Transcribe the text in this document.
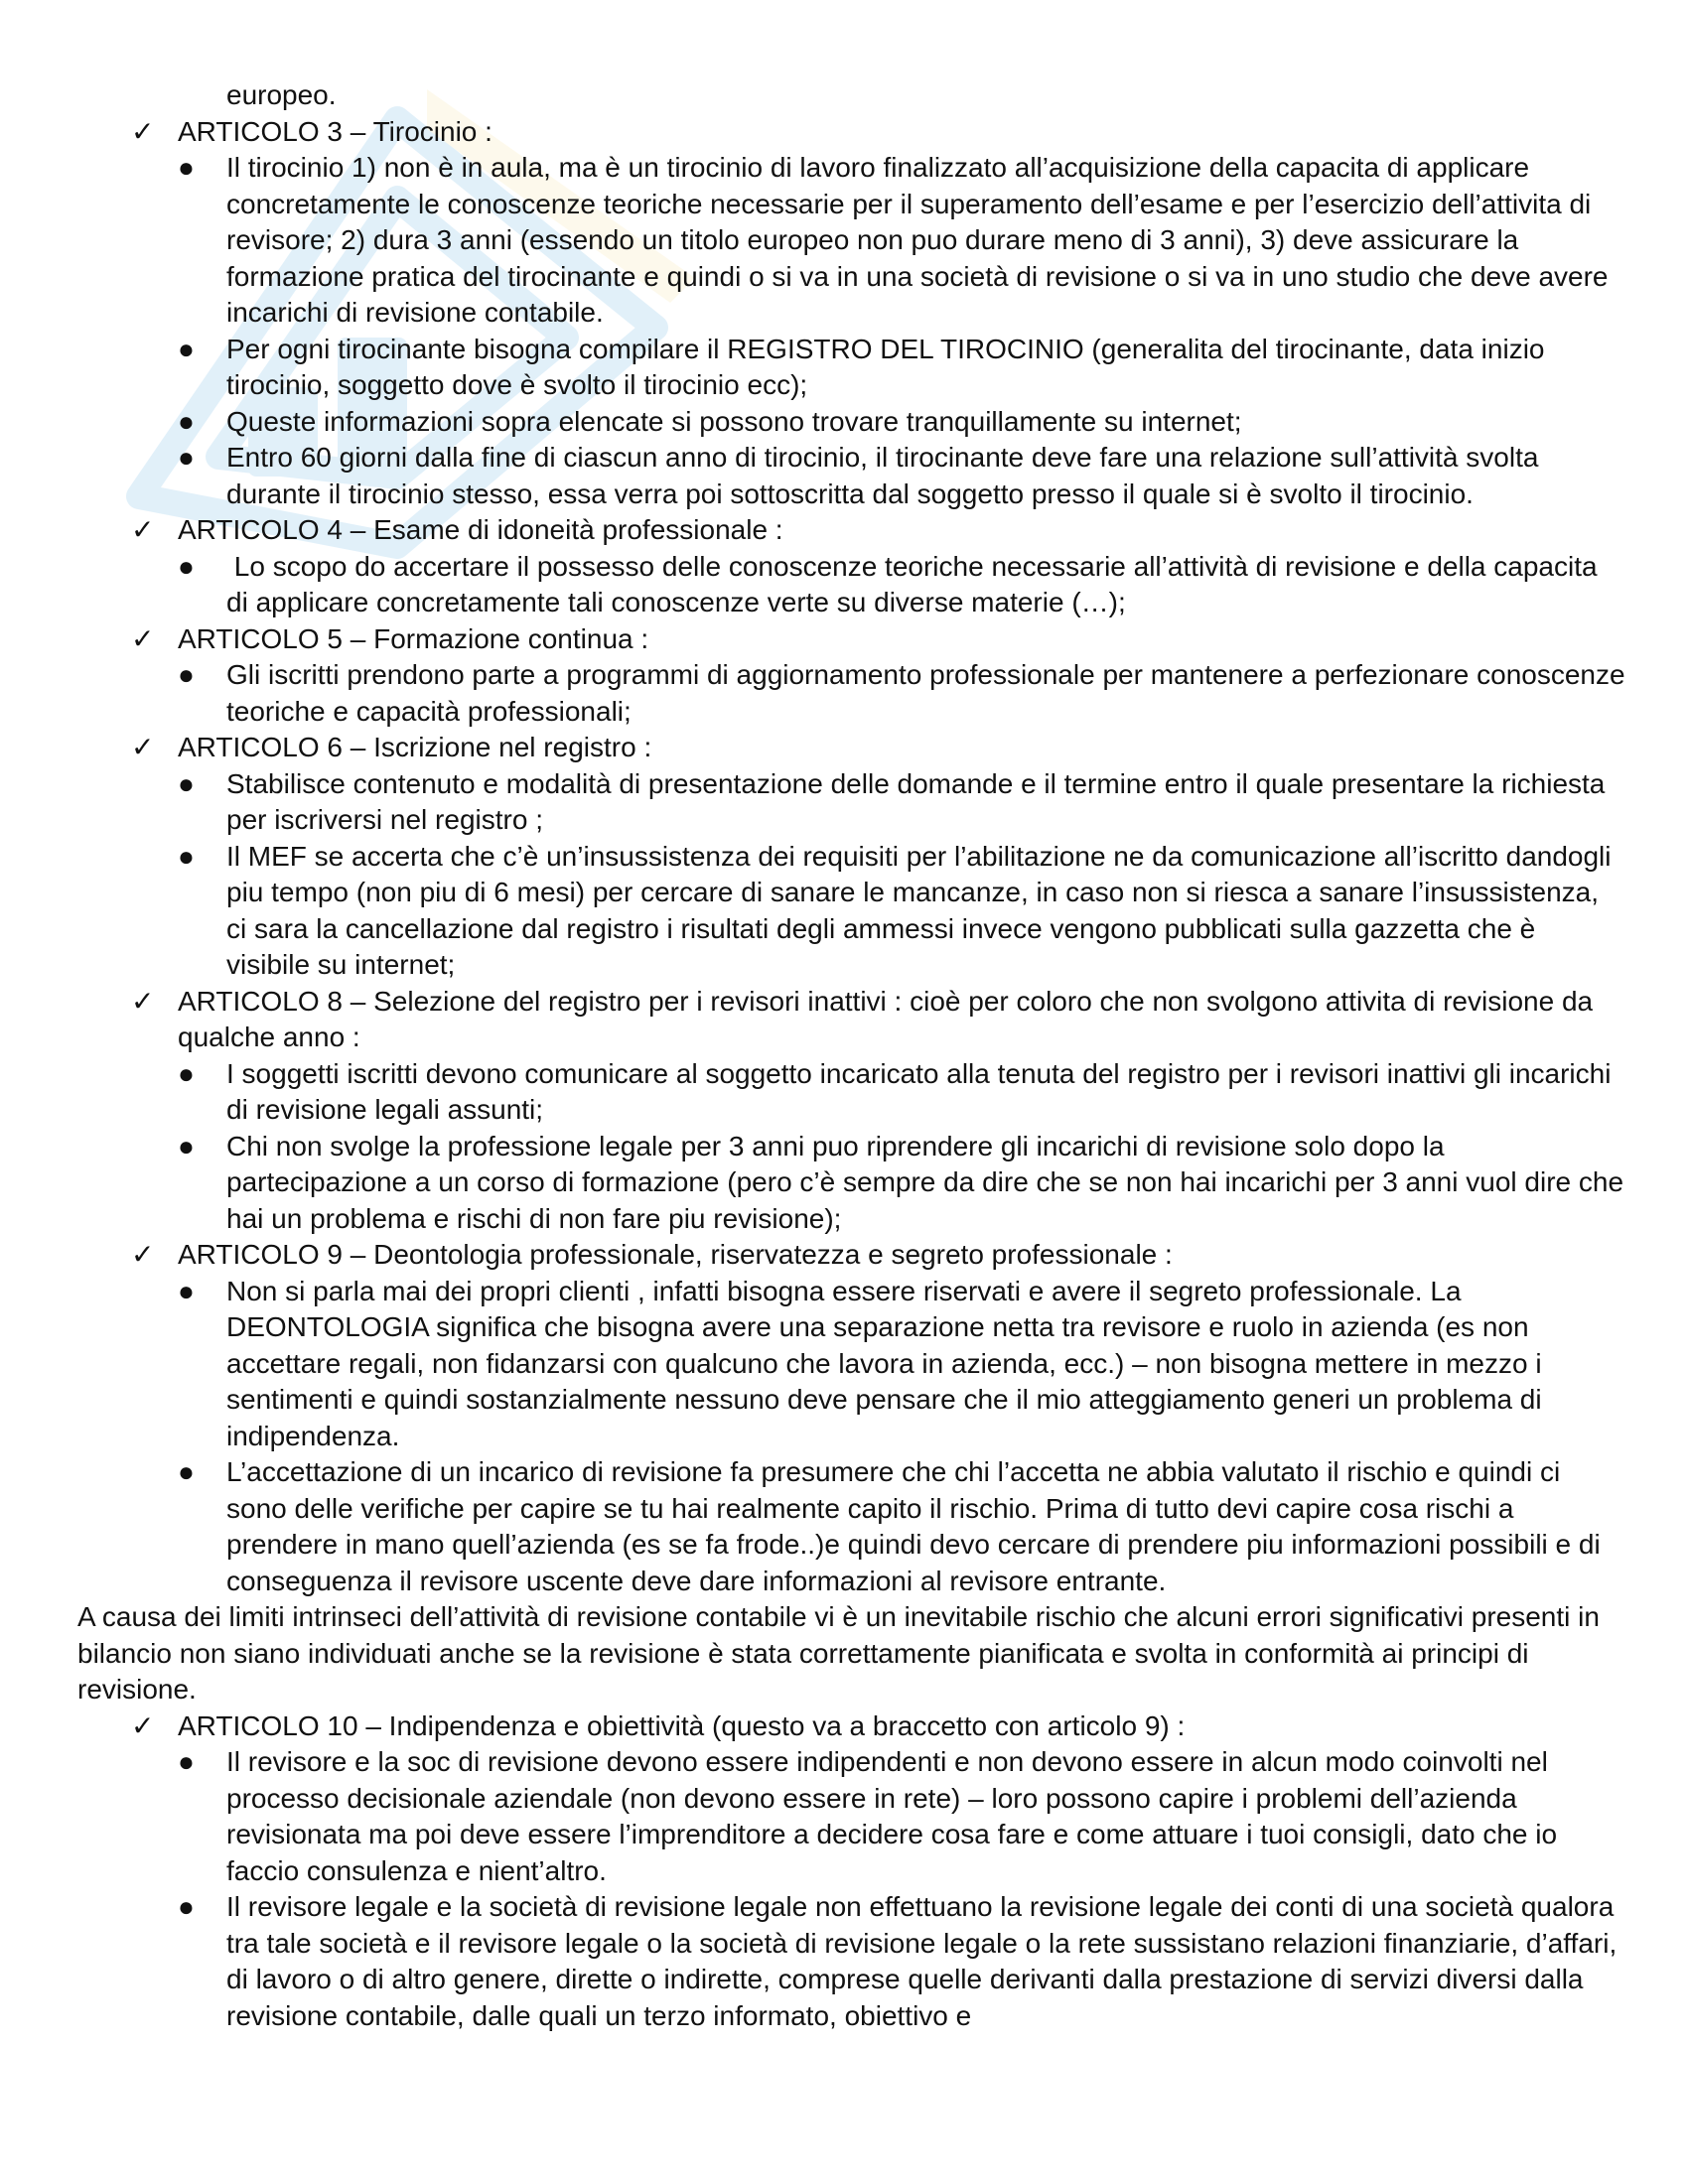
europeo.

✓ ARTICOLO 3 – Tirocinio :
● Il tirocinio 1) non è in aula, ma è un tirocinio di lavoro finalizzato all’acquisizione della capacita di applicare concretamente le conoscenze teoriche necessarie per il superamento dell’esame e per l’esercizio dell’attivita di revisore; 2) dura 3 anni (essendo un titolo europeo non puo durare meno di 3 anni), 3) deve assicurare la formazione pratica del tirocinante e quindi o si va in una società di revisione o si va in uno studio che deve avere incarichi di revisione contabile.
● Per ogni tirocinante bisogna compilare il REGISTRO DEL TIROCINIO (generalita del tirocinante, data inizio tirocinio, soggetto dove è svolto il tirocinio ecc);
● Queste informazioni sopra elencate si possono trovare tranquillamente su internet;
● Entro 60 giorni dalla fine di ciascun anno di tirocinio, il tirocinante deve fare una relazione sull’attività svolta durante il tirocinio stesso, essa verra poi sottoscritta dal soggetto presso il quale si è svolto il tirocinio.
✓ ARTICOLO 4 – Esame di idoneità professionale :
● Lo scopo do accertare il possesso delle conoscenze teoriche necessarie all’attività di revisione e della capacita di applicare concretamente tali conoscenze verte su diverse materie (…);
✓ ARTICOLO 5 – Formazione continua :
● Gli iscritti prendono parte a programmi di aggiornamento professionale per mantenere a perfezionare conoscenze teoriche e capacità professionali;
✓ ARTICOLO 6 – Iscrizione nel registro :
● Stabilisce contenuto e modalità di presentazione delle domande e il termine entro il quale presentare la richiesta per iscriversi nel registro ;
● Il MEF se accerta che c’è un’insussistenza dei requisiti per l’abilitazione ne da comunicazione all’iscritto dandogli piu tempo (non piu di 6 mesi) per cercare di sanare le mancanze, in caso non si riesca a sanare l’insussistenza, ci sara la cancellazione dal registro i risultati degli ammessi invece vengono pubblicati sulla gazzetta che è visibile su internet;
✓ ARTICOLO 8 – Selezione del registro per i revisori inattivi : cioè per coloro che non svolgono attivita di revisione da qualche anno :
● I soggetti iscritti devono comunicare al soggetto incaricato alla tenuta del registro per i revisori inattivi gli incarichi di revisione legali assunti;
● Chi non svolge la professione legale per 3 anni puo riprendere gli incarichi di revisione solo dopo la partecipazione a un corso di formazione (pero c’è sempre da dire che se non hai incarichi per 3 anni vuol dire che hai un problema e rischi di non fare piu revisione);
✓ ARTICOLO 9 – Deontologia professionale, riservatezza e segreto professionale :
● Non si parla mai dei propri clienti , infatti bisogna essere riservati e avere il segreto professionale. La DEONTOLOGIA significa che bisogna avere una separazione netta tra revisore e ruolo in azienda (es non accettare regali, non fidanzarsi con qualcuno che lavora in azienda, ecc.) – non bisogna mettere in mezzo i sentimenti e quindi sostanzialmente nessuno deve pensare che il mio atteggiamento generi un problema di indipendenza.
● L’accettazione di un incarico di revisione fa presumere che chi l’accetta ne abbia valutato il rischio e quindi ci sono delle verifiche per capire se tu hai realmente capito il rischio. Prima di tutto devi capire cosa rischi a prendere in mano quell’azienda (es se fa frode..)e quindi devo cercare di prendere piu informazioni possibili e di conseguenza il revisore uscente deve dare informazioni al revisore entrante.

A causa dei limiti intrinseci dell’attività di revisione contabile vi è un inevitabile rischio che alcuni errori significativi presenti in bilancio non siano individuati anche se la revisione è stata correttamente pianificata e svolta in conformità ai principi di revisione.

✓ ARTICOLO 10 – Indipendenza e obiettività (questo va a braccetto con articolo 9) :
● Il revisore e la soc di revisione devono essere indipendenti e non devono essere in alcun modo coinvolti nel processo decisionale aziendale (non devono essere in rete) – loro possono capire i problemi dell’azienda revisionata ma poi deve essere l’imprenditore a decidere cosa fare e come attuare i tuoi consigli, dato che io faccio consulenza e nient’altro.
● Il revisore legale e la società di revisione legale non effettuano la revisione legale dei conti di una società qualora tra tale società e il revisore legale o la società di revisione legale o la rete sussistano relazioni finanziarie, d’affari, di lavoro o di altro genere, dirette o indirette, comprese quelle derivanti dalla prestazione di servizi diversi dalla revisione contabile, dalle quali un terzo informato, obiettivo e
